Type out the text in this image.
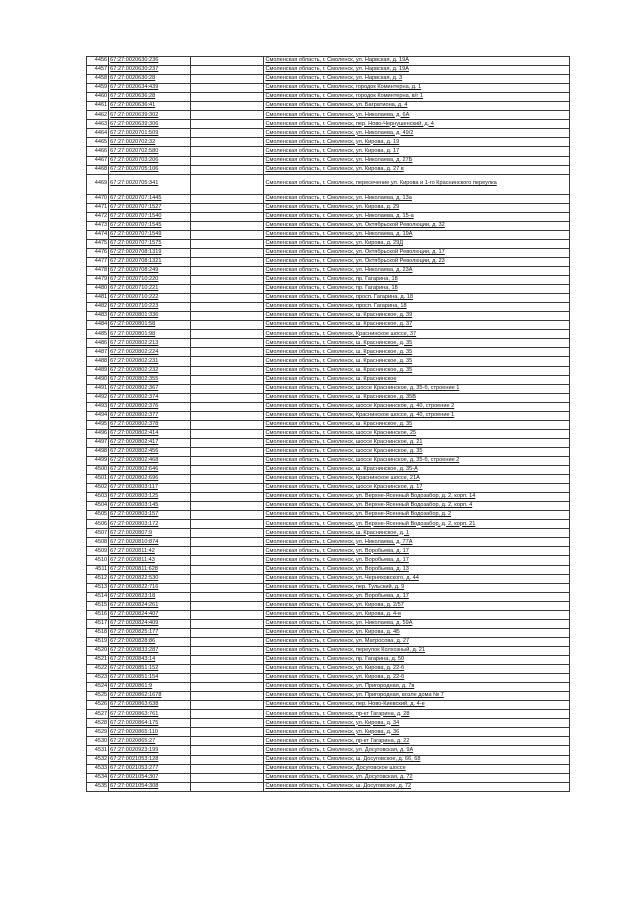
4456	67:27:0020630:236		Смоленская область, г. Смоленск, ул. Нарвская, д. 19А
4457	67:27:0020630:237		Смоленская область, г. Смоленск, ул. Нарвская, д. 19А
4458	67:27:0020630:28		Смоленская область, г. Смоленск, ул. Нарвская, д. 3
4459	67:27:0020634:439		Смоленская область, г. Смоленск, городок Коминтерна, д. 1
4460	67:27:0020636:28		Смоленская область, г. Смоленск, городок Коминтерна, в/г 1
4461	67:27:0020636:41		Смоленская область, г. Смоленск, ул. Багратиона, д. 4
4462	67:27:0020639:302		Смоленская область, г. Смоленск, ул. Николаева, д. 6А
4463	67:27:0020639:306		Смоленская область, г. Смоленск, пер. Ново-Чернушенский, д. 4
4464	67:27:0020701:509		Смоленская область, г. Смоленск, ул. Николаева, д. 49/2
4465	67:27:0020702:32		Смоленская область, г. Смоленск, ул. Кирова, д. 19
4466	67:27:0020702:580		Смоленская область, г. Смоленск, ул. Кирова, д. 17
4467	67:27:0020703:206		Смоленская область, г. Смоленск, ул. Николаева, д. 27Б
4468	67:27:0020705:106		Смоленская область, г. Смоленск, ул. Кирова, д. 27 в
4469	67:27:0020705:341		Смоленская область, г. Смоленск, пересечение ул. Кирова и 1-го Краснинского переулка
4470	67:27:0020707:1445		Смоленская область, г. Смоленск, ул. Николаева, д. 13а
4471	67:27:0020707:1527		Смоленская область, г. Смоленск, ул. Кирова, д. 29
4472	67:27:0020707:1540		Смоленская область, г. Смоленск, ул. Николаева, д. 15-а
4473	67:27:0020707:1545		Смоленская область, г. Смоленск, ул. Октябрьской Революции, д. 32
4474	67:27:0020707:1549		Смоленская область, г. Смоленск, ул. Николаева, д. 19А
4475	67:27:0020707:1575		Смоленская область, г. Смоленск, ул. Кирова, д. 29Д
4476	67:27:0020708:1319		Смоленская область, г. Смоленск, ул. Октябрьской Революции, д. 17
4477	67:27:0020708:1321		Смоленская область, г. Смоленск, ул. Октябрьской Революции, д. 23
4478	67:27:0020708:249		Смоленская область, г. Смоленск, ул. Николаева, д. 23А
4479	67:27:0020710:220		Смоленская область, г. Смоленск, пр. Гагарина, 18
4480	67:27:0020710:221		Смоленская область, г. Смоленск, пр. Гагарина, 18
4481	67:27:0020710:222		Смоленская область, г. Смоленск, просп. Гагарина, д. 18
4482	67:27:0020710:223		Смоленская область, г. Смоленск, просп. Гагарина, 18
4483	67:27:0020801:336		Смоленская область, г. Смоленск, ш. Краснинское, д. 39
4484	67:27:0020801:58		Смоленская область, г. Смоленск, ш. Краснинское, д. 37
4485	67:27:0020801:98		Смоленская область, г. Смоленск, Краснинское шоссе, 37
4486	67:27:0020802:213		Смоленская область, г. Смоленск, ш. Краснинское, д. 35
4487	67:27:0020802:224		Смоленская область, г. Смоленск, ш. Краснинское, д. 35
4488	67:27:0020802:231		Смоленская область, г. Смоленск, ш. Краснинское, д. 35
4489	67:27:0020802:232		Смоленская область, г. Смоленск, ш. Краснинское, д. 35
4490	67:27:0020802:355		Смоленская область, г. Смоленск, ш. Краснинское
4491	67:27:0020802:367		Смоленская область, г. Смоленск, шоссе Краснинское, д. 35-б, строение 1
4492	67:27:0020802:374		Смоленская область, г. Смоленск, ш. Краснинское, д. 35В
4493	67:27:0020802:376		Смоленская область, г. Смоленск, шоссе Краснинское, д. 40, строение 2
4494	67:27:0020802:377		Смоленская область, г. Смоленск, Краснинское шоссе, д. 40, строение 1
4495	67:27:0020802:378		Смоленская область, г. Смоленск, ш. Краснинское, д. 35
4496	67:27:0020802:414		Смоленская область, г. Смоленск, шоссе Краснинское, 25
4497	67:27:0020802:417		Смоленская область, г. Смоленск, шоссе Краснинское, д. 21
4498	67:27:0020802:456		Смоленская область, г. Смоленск, шоссе Краснинское, д. 35
4499	67:27:0020802:468		Смоленская область, г. Смоленск, шоссе Краснинское, д. 35-б, строение 2
4500	67:27:0020802:646		Смоленская область, г. Смоленск, ш. Краснинское, д. 35-А
4501	67:27:0020802:696		Смоленская область, г. Смоленск, Краснинское шоссе, 21А
4502	67:27:0020803:117		Смоленская область, г. Смоленск, шоссе Краснинское, д. 17
4503	67:27:0020803:125		Смоленская область, г. Смоленск, ул. Верхне-Ясенный Водозабор, д. 2, корп. 14
4504	67:27:0020803:145		Смоленская область, г. Смоленск, ул. Верхне-Ясенный Водозабор, д. 2, корп. 4
4505	67:27:0020803:157		Смоленская область, г. Смоленск, ул. Верхне-Ясенный Водозабор, д. 2
4506	67:27:0020803:172		Смоленская область, г. Смоленск, ул. Верхне-Ясенный Водозабор, д. 2, корп. 21
4507	67:27:0020807:9		Смоленская область, г. Смоленск, ш. Краснинское, д. 1
4508	67:27:0020810:874		Смоленская область, г. Смоленск, ул. Николаева, д. 77А
4509	67:27:0020811:42		Смоленская область, г. Смоленск, ул. Воробьева, д. 17
4510	67:27:0020811:43		Смоленская область, г. Смоленск, ул. Воробьева, д. 17
4511	67:27:0020811:628		Смоленская область, г. Смоленск, ул. Воробьева, д. 13
4512	67:27:0020822:530		Смоленская область, г. Смоленск, ул. Черняховского, д. 44
4513	67:27:0020822:716		Смоленская область, г. Смоленск, пер. Тульский, д. 9
4514	67:27:0020823:18		Смоленская область, г. Смоленск, ул. Воробьева, д. 17
4515	67:27:0020824:261		Смоленская область, г. Смоленск, ул. Кирова, д. 2/57
4516	67:27:0020824:407		Смоленская область, г. Смоленск, ул. Кирова, д. 4-в
4517	67:27:0020824:409		Смоленская область, г. Смоленск, ул. Николаева, д. 59А
4518	67:27:0020825:177		Смоленская область, г. Смоленск, ул. Кирова, д. 4Б
4519	67:27:0020828:86		Смоленская область, г. Смоленск, ул. Матросова, д. 27
4520	67:27:0020833:287		Смоленская область, г. Смоленск, переулок Колхозный, д. 21
4521	67:27:0020843:14		Смоленская область, г. Смоленск, пр. Гагарина, д. 50
4522	67:27:0020851:152		Смоленская область, г. Смоленск, ул. Кирова, д. 22-б
4523	67:27:0020851:154		Смоленская область, г. Смоленск, ул. Кирова, д. 22-б
4524	67:27:0020861:9		Смоленская область, г. Смоленск, ул. Пригородная, д. 7в
4525	67:27:0020862:1678		Смоленская область, г. Смоленск, ул. Пригородная, возле дома № 7
4526	67:27:0020863:638		Смоленская область, г. Смоленск, пер. Ново-Киевский, д. 4-е
4527	67:27:0020863:761		Смоленская область, г. Смоленск, пр-кт Гагарина, д. 28
4528	67:27:0020864:175		Смоленская область, г. Смоленск, ул. Кирова, д. 34
4529	67:27:0020865:110		Смоленская область, г. Смоленск, ул. Кирова, д. 36
4530	67:27:0020865:27		Смоленская область, г. Смоленск, пр-кт Гагарина, д. 22
4531	67:27:0020923:199		Смоленская область, г. Смоленск, ул. Досуговская, д. 9А
4532	67:27:0021053:128		Смоленская область, г. Смоленск, ш. Досуговское, д. 66, 68
4533	67:27:0021053:277		Смоленская область, г. Смоленск, Досуговское шоссе
4534	67:27:0021054:307		Смоленская область, г. Смоленск, ул. Досуговская, д. 72
4535	67:27:0021054:308		Смоленская область, г. Смоленск, ш. Досуговское, д. 72
